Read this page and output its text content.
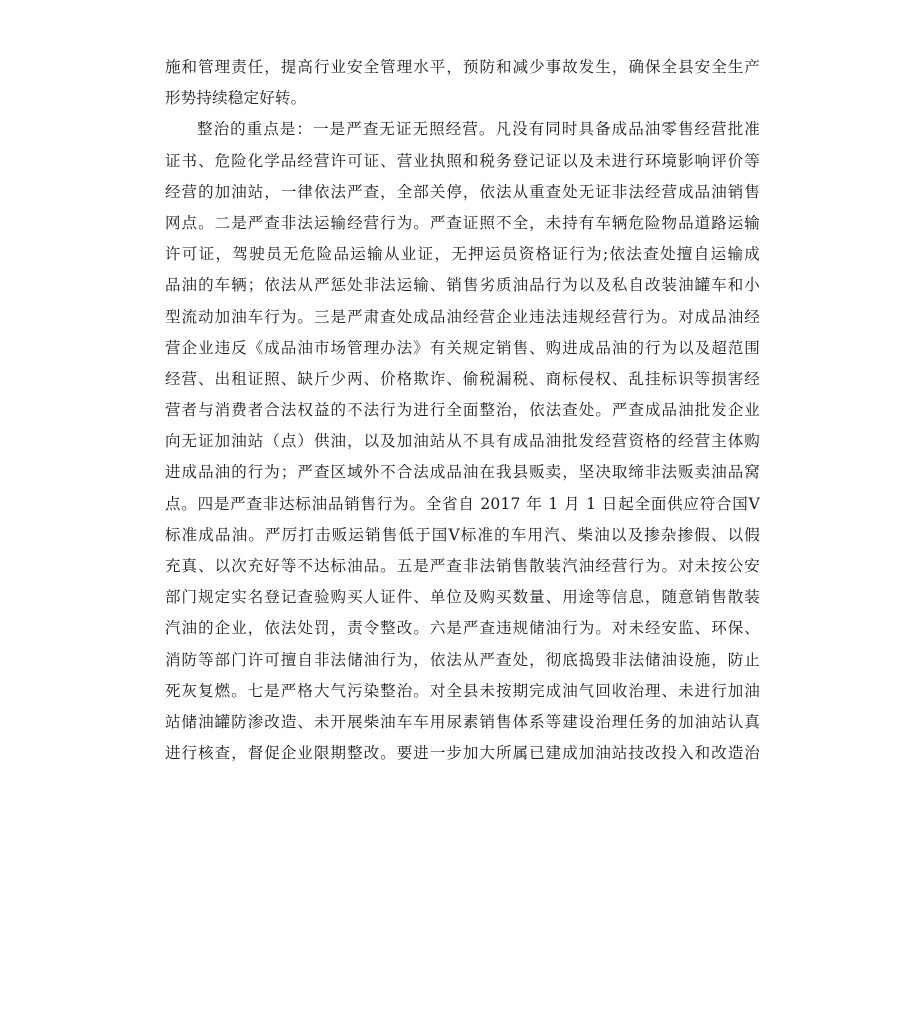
施和管理责任，提高行业安全管理水平，预防和减少事故发生，确保全县安全生产
形势持续稳定好转。
整治的重点是：一是严查无证无照经营。凡没有同时具备成品油零售经营批准
证书、危险化学品经营许可证、营业执照和税务登记证以及未进行环境影响评价等
经营的加油站，一律依法严查，全部关停，依法从重查处无证非法经营成品油销售
网点。二是严查非法运输经营行为。严查证照不全，未持有车辆危险物品道路运输
许可证，驾驶员无危险品运输从业证，无押运员资格证行为;依法查处擅自运输成
品油的车辆；依法从严惩处非法运输、销售劣质油品行为以及私自改装油罐车和小
型流动加油车行为。三是严肃查处成品油经营企业违法违规经营行为。对成品油经
营企业违反《成品油市场管理办法》有关规定销售、购进成品油的行为以及超范围
经营、出租证照、缺斤少两、价格欺诈、偷税漏税、商标侵权、乱挂标识等损害经
营者与消费者合法权益的不法行为进行全面整治，依法查处。严查成品油批发企业
向无证加油站（点）供油，以及加油站从不具有成品油批发经营资格的经营主体购
进成品油的行为；严查区域外不合法成品油在我县贩卖，坚决取缔非法贩卖油品窝
点。四是严查非达标油品销售行为。全省自 2017 年 1 月 1 日起全面供应符合国Ⅴ
标准成品油。严厉打击贩运销售低于国Ⅴ标准的车用汽、柴油以及掺杂掺假、以假
充真、以次充好等不达标油品。五是严查非法销售散装汽油经营行为。对未按公安
部门规定实名登记查验购买人证件、单位及购买数量、用途等信息，随意销售散装
汽油的企业，依法处罚，责令整改。六是严查违规储油行为。对未经安监、环保、
消防等部门许可擅自非法储油行为，依法从严查处，彻底捣毁非法储油设施，防止
死灰复燃。七是严格大气污染整治。对全县未按期完成油气回收治理、未进行加油
站储油罐防渗改造、未开展柴油车车用尿素销售体系等建设治理任务的加油站认真
进行核查，督促企业限期整改。要进一步加大所属已建成加油站技改投入和改造治
